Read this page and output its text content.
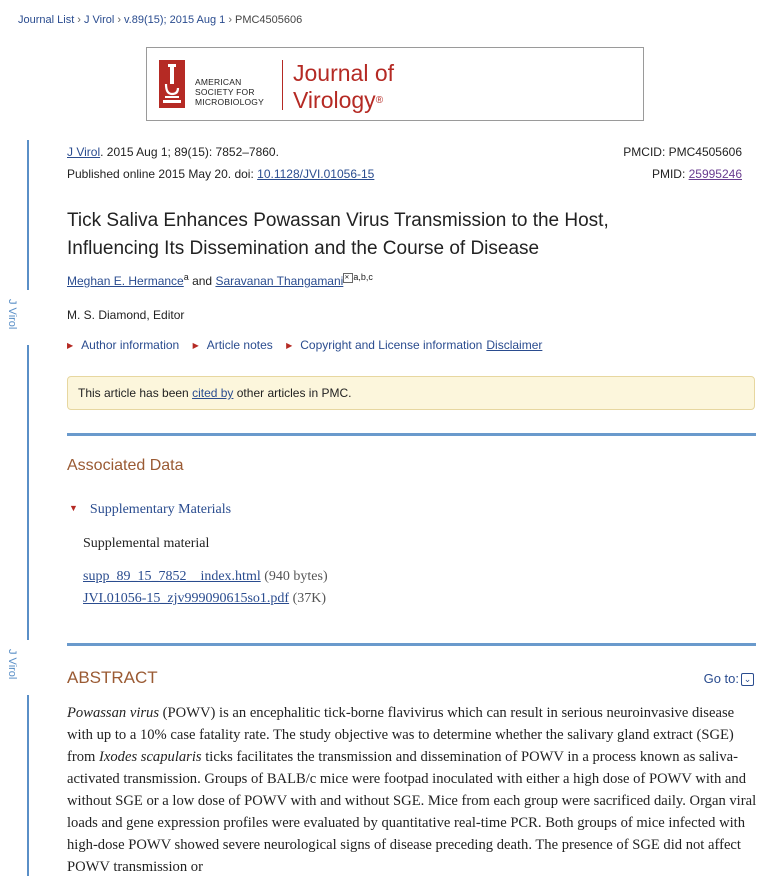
Journal List › J Virol › v.89(15); 2015 Aug 1 › PMC4505606
AMERICAN
SOCIETY FOR
MICROBIOLOGY
Journal of
Virology®
J Virol
J Virol
J Virol. 2015 Aug 1; 89(15): 7852–7860.
Published online 2015 May 20. doi: 10.1128/JVI.01056-15
PMCID: PMC4505606
PMID: 25995246
Tick Saliva Enhances Powassan Virus Transmission to the Host,
Influencing Its Dissemination and the Course of Disease
Meghan E. Hermance$^a$ and Saravanan Thangamani✕ $^{a,b,c}$
M. S. Diamond, Editor
▶ Author information ▶ Article notes ▶ Copyright and License information Disclaimer
This article has been cited by other articles in PMC.
Associated Data
▼ Supplementary Materials
Supplemental material
supp_89_15_7852__index.html (940 bytes)
JVI.01056-15_zjv999090615so1.pdf (37K)
ABSTRACT	Go to: ⌄
Powassan virus (POWV) is an encephalitic tick-borne flavivirus which can result in serious neuroinvasive disease with up to a 10% case fatality rate. The study objective was to determine whether the salivary gland extract (SGE) from Ixodes scapularis ticks facilitates the transmission and dissemination of POWV in a process known as saliva-activated transmission. Groups of BALB/c mice were footpad inoculated with either a high dose of POWV with and without SGE or a low dose of POWV with and without SGE. Mice from each group were sacrificed daily. Organ viral loads and gene expression profiles were evaluated by quantitative real-time PCR. Both groups of mice infected with high-dose POWV showed severe neurological signs of disease preceding death. The presence of SGE did not affect POWV transmission or
